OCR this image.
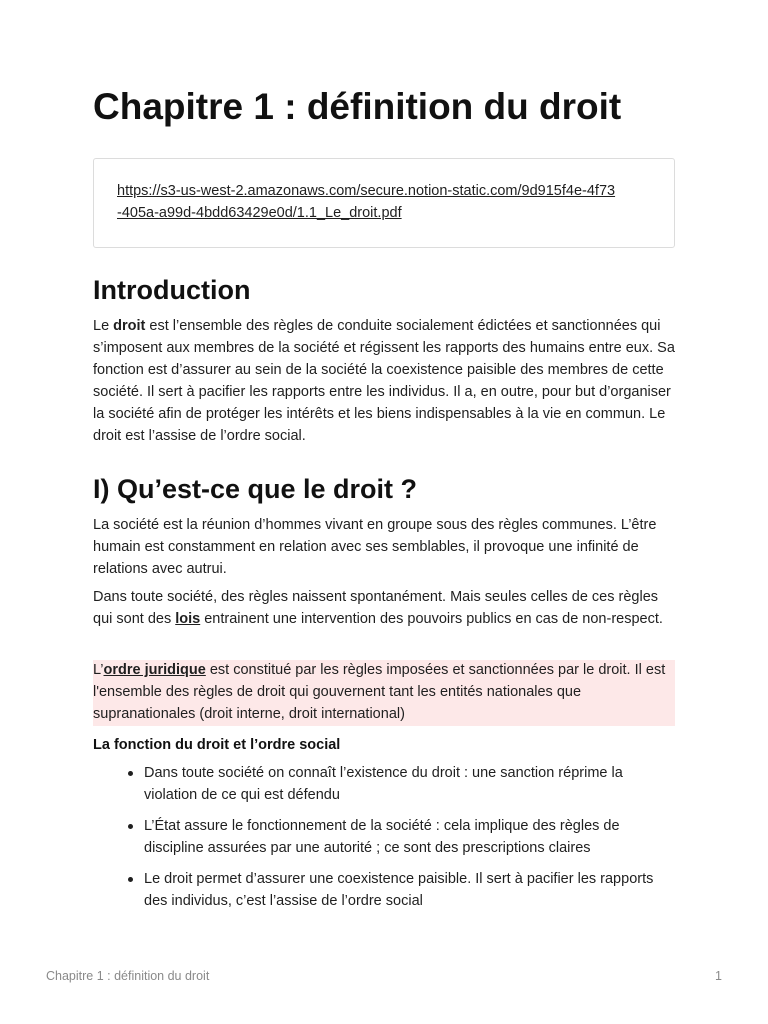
Chapitre 1 : définition du droit
https://s3-us-west-2.amazonaws.com/secure.notion-static.com/9d915f4e-4f73
-405a-a99d-4bdd63429e0d/1.1_Le_droit.pdf
Introduction

Le droit est l’ensemble des règles de conduite socialement édictées et sanctionnées qui s’imposent aux membres de la société et régissent les rapports des humains entre eux. Sa fonction est d’assurer au sein de la société la coexistence paisible des membres de cette société. Il sert à pacifier les rapports entre les individus. Il a, en outre, pour but d’organiser la société afin de protéger les intérêts et les biens indispensables à la vie en commun. Le droit est l’assise de l’ordre social.

I) Qu’est-ce que le droit ?

La société est la réunion d’hommes vivant en groupe sous des règles communes. L’être humain est constamment en relation avec ses semblables, il provoque une infinité de relations avec autrui.

Dans toute société, des règles naissent spontanément. Mais seules celles de ces règles qui sont des lois entrainent une intervention des pouvoirs publics en cas de non-respect.

L’ordre juridique est constitué par les règles imposées et sanctionnées par le droit. Il est l'ensemble des règles de droit qui gouvernent tant les entités nationales que supranationales (droit interne, droit international)

La fonction du droit et l’ordre social

Dans toute société on connaît l’existence du droit : une sanction réprime la violation de ce qui est défendu
L’État assure le fonctionnement de la société : cela implique des règles de discipline assurées par une autorité ; ce sont des prescriptions claires
Le droit permet d’assurer une coexistence paisible. Il sert à pacifier les rapports des individus, c’est l’assise de l’ordre social
Chapitre 1 : définition du droit	1
